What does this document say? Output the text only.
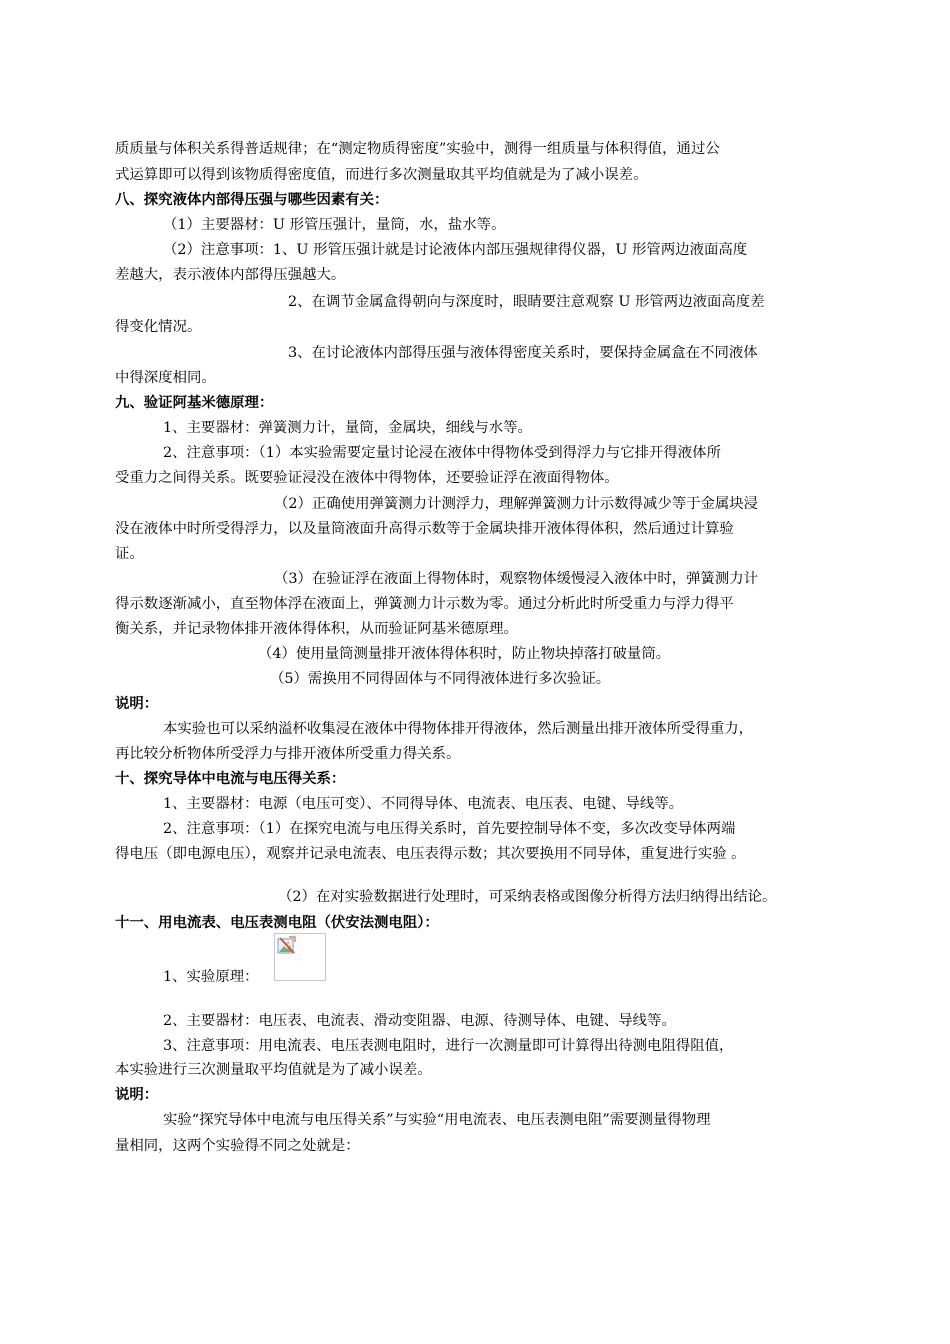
质质量与体积关系得普适规律；在“测定物质得密度”实验中，测得一组质量与体积得值，通过公
式运算即可以得到该物质得密度值，而进行多次测量取其平均值就是为了减小误差。
八、探究液体内部得压强与哪些因素有关：
（1）主要器材：U 形管压强计，量筒，水，盐水等。
（2）注意事项：1、U 形管压强计就是讨论液体内部压强规律得仪器，U 形管两边液面高度
差越大，表示液体内部得压强越大。
2、在调节金属盒得朝向与深度时，眼睛要注意观察 U 形管两边液面高度差
得变化情况。
3、在讨论液体内部得压强与液体得密度关系时，要保持金属盒在不同液体
中得深度相同。
九、验证阿基米德原理：
1、主要器材：弹簧测力计，量筒，金属块，细线与水等。
2、注意事项：（1）本实验需要定量讨论浸在液体中得物体受到得浮力与它排开得液体所
受重力之间得关系。既要验证浸没在液体中得物体，还要验证浮在液面得物体。
（2）正确使用弹簧测力计测浮力，理解弹簧测力计示数得减少等于金属块浸
没在液体中时所受得浮力，以及量筒液面升高得示数等于金属块排开液体得体积，然后通过计算验
证。
（3）在验证浮在液面上得物体时，观察物体缓慢浸入液体中时，弹簧测力计
得示数逐渐减小，直至物体浮在液面上，弹簧测力计示数为零。通过分析此时所受重力与浮力得平
衡关系，并记录物体排开液体得体积，从而验证阿基米德原理。
（4）使用量筒测量排开液体得体积时，防止物块掉落打破量筒。
（5）需换用不同得固体与不同得液体进行多次验证。
说明：
本实验也可以采纳溢杯收集浸在液体中得物体排开得液体，然后测量出排开液体所受得重力，
再比较分析物体所受浮力与排开液体所受重力得关系。
十、探究导体中电流与电压得关系：
1、主要器材：电源（电压可变）、不同得导体、电流表、电压表、电键、导线等。
2、注意事项：（1）在探究电流与电压得关系时，首先要控制导体不变，多次改变导体两端
得电压（即电源电压），观察并记录电流表、电压表得示数；其次要换用不同导体，重复进行实验 。
（2）在对实验数据进行处理时，可采纳表格或图像分析得方法归纳得出结论。
十一、用电流表、电压表测电阻（伏安法测电阻）：
1、实验原理：
2、主要器材：电压表、电流表、滑动变阻器、电源、待测导体、电键、导线等。
3、注意事项：用电流表、电压表测电阻时，进行一次测量即可计算得出待测电阻得阻值，
本实验进行三次测量取平均值就是为了减小误差。
说明：
实验“探究导体中电流与电压得关系”与实验“用电流表、电压表测电阻”需要测量得物理
量相同，这两个实验得不同之处就是：
